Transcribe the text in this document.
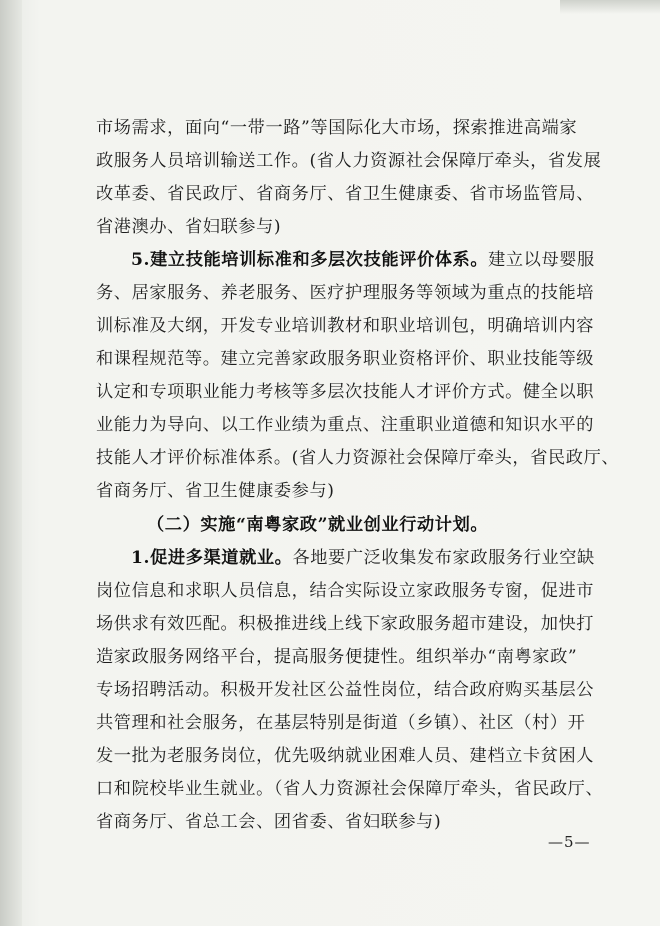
市场需求，面向“一带一路”等国际化大市场，探索推进高端家
政服务人员培训输送工作。(省人力资源社会保障厅牵头，省发展
改革委、省民政厅、省商务厅、省卫生健康委、省市场监管局、
省港澳办、省妇联参与)
5.建立技能培训标准和多层次技能评价体系。建立以母婴服
务、居家服务、养老服务、医疗护理服务等领域为重点的技能培
训标准及大纲，开发专业培训教材和职业培训包，明确培训内容
和课程规范等。建立完善家政服务职业资格评价、职业技能等级
认定和专项职业能力考核等多层次技能人才评价方式。健全以职
业能力为导向、以工作业绩为重点、注重职业道德和知识水平的
技能人才评价标准体系。(省人力资源社会保障厅牵头，省民政厅、
省商务厅、省卫生健康委参与)
（二）实施“南粤家政”就业创业行动计划。
1.促进多渠道就业。各地要广泛收集发布家政服务行业空缺
岗位信息和求职人员信息，结合实际设立家政服务专窗，促进市
场供求有效匹配。积极推进线上线下家政服务超市建设，加快打
造家政服务网络平台，提高服务便捷性。组织举办“南粤家政”
专场招聘活动。积极开发社区公益性岗位，结合政府购买基层公
共管理和社会服务，在基层特别是街道（乡镇）、社区（村）开
发一批为老服务岗位，优先吸纳就业困难人员、建档立卡贫困人
口和院校毕业生就业。（省人力资源社会保障厅牵头，省民政厅、
省商务厅、省总工会、团省委、省妇联参与)
—5—
